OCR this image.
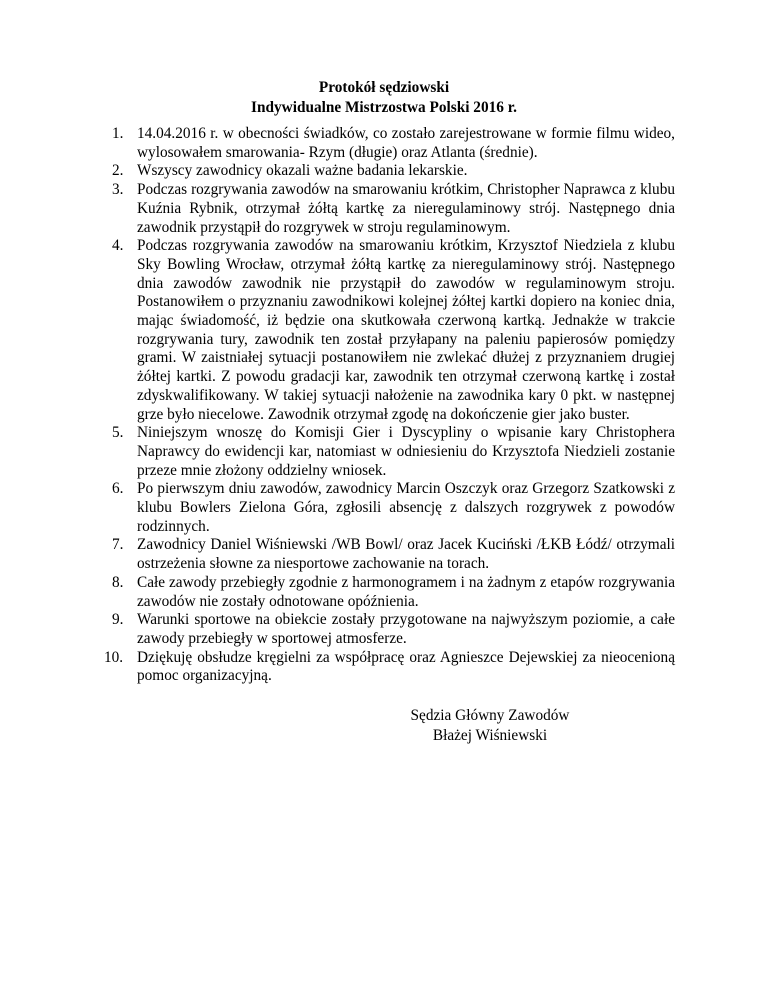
Protokół sędziowski
Indywidualne Mistrzostwa Polski 2016 r.
1. 14.04.2016 r. w obecności świadków, co zostało zarejestrowane w formie filmu wideo, wylosowałem smarowania- Rzym (długie) oraz Atlanta (średnie).
2. Wszyscy zawodnicy okazali ważne badania lekarskie.
3. Podczas rozgrywania zawodów na smarowaniu krótkim, Christopher Naprawca z klubu Kuźnia Rybnik, otrzymał żółtą kartkę za nieregulaminowy strój. Następnego dnia zawodnik przystąpił do rozgrywek w stroju regulaminowym.
4. Podczas rozgrywania zawodów na smarowaniu krótkim, Krzysztof Niedziela z klubu Sky Bowling Wrocław, otrzymał żółtą kartkę za nieregulaminowy strój. Następnego dnia zawodów zawodnik nie przystąpił do zawodów w regulaminowym stroju. Postanowiłem o przyznaniu zawodnikowi kolejnej żółtej kartki dopiero na koniec dnia, mając świadomość, iż będzie ona skutkowała czerwoną kartką. Jednakże w trakcie rozgrywania tury, zawodnik ten został przyłapany na paleniu papierosów pomiędzy grami. W zaistniałej sytuacji postanowiłem nie zwlekać dłużej z przyznaniem drugiej żółtej kartki. Z powodu gradacji kar, zawodnik ten otrzymał czerwoną kartkę i został zdyskwalifikowany. W takiej sytuacji nałożenie na zawodnika kary 0 pkt. w następnej grze było niecelowe. Zawodnik otrzymał zgodę na dokończenie gier jako buster.
5. Niniejszym wnoszę do Komisji Gier i Dyscypliny o wpisanie kary Christophera Naprawcy do ewidencji kar, natomiast w odniesieniu do Krzysztofa Niedzieli zostanie przeze mnie złożony oddzielny wniosek.
6. Po pierwszym dniu zawodów, zawodnicy Marcin Oszczyk oraz Grzegorz Szatkowski z klubu Bowlers Zielona Góra, zgłosili absencję z dalszych rozgrywek z powodów rodzinnych.
7. Zawodnicy Daniel Wiśniewski /WB Bowl/ oraz Jacek Kuciński /ŁKB Łódź/ otrzymali ostrzeżenia słowne za niesportowe zachowanie na torach.
8. Całe zawody przebiegły zgodnie z harmonogramem i na żadnym z etapów rozgrywania zawodów nie zostały odnotowane opóźnienia.
9. Warunki sportowe na obiekcie zostały przygotowane na najwyższym poziomie, a całe zawody przebiegły w sportowej atmosferze.
10. Dziękuję obsłudze kręgielni za współpracę oraz Agnieszce Dejewskiej za nieocenioną pomoc organizacyjną.
Sędzia Główny Zawodów
Błażej Wiśniewski
